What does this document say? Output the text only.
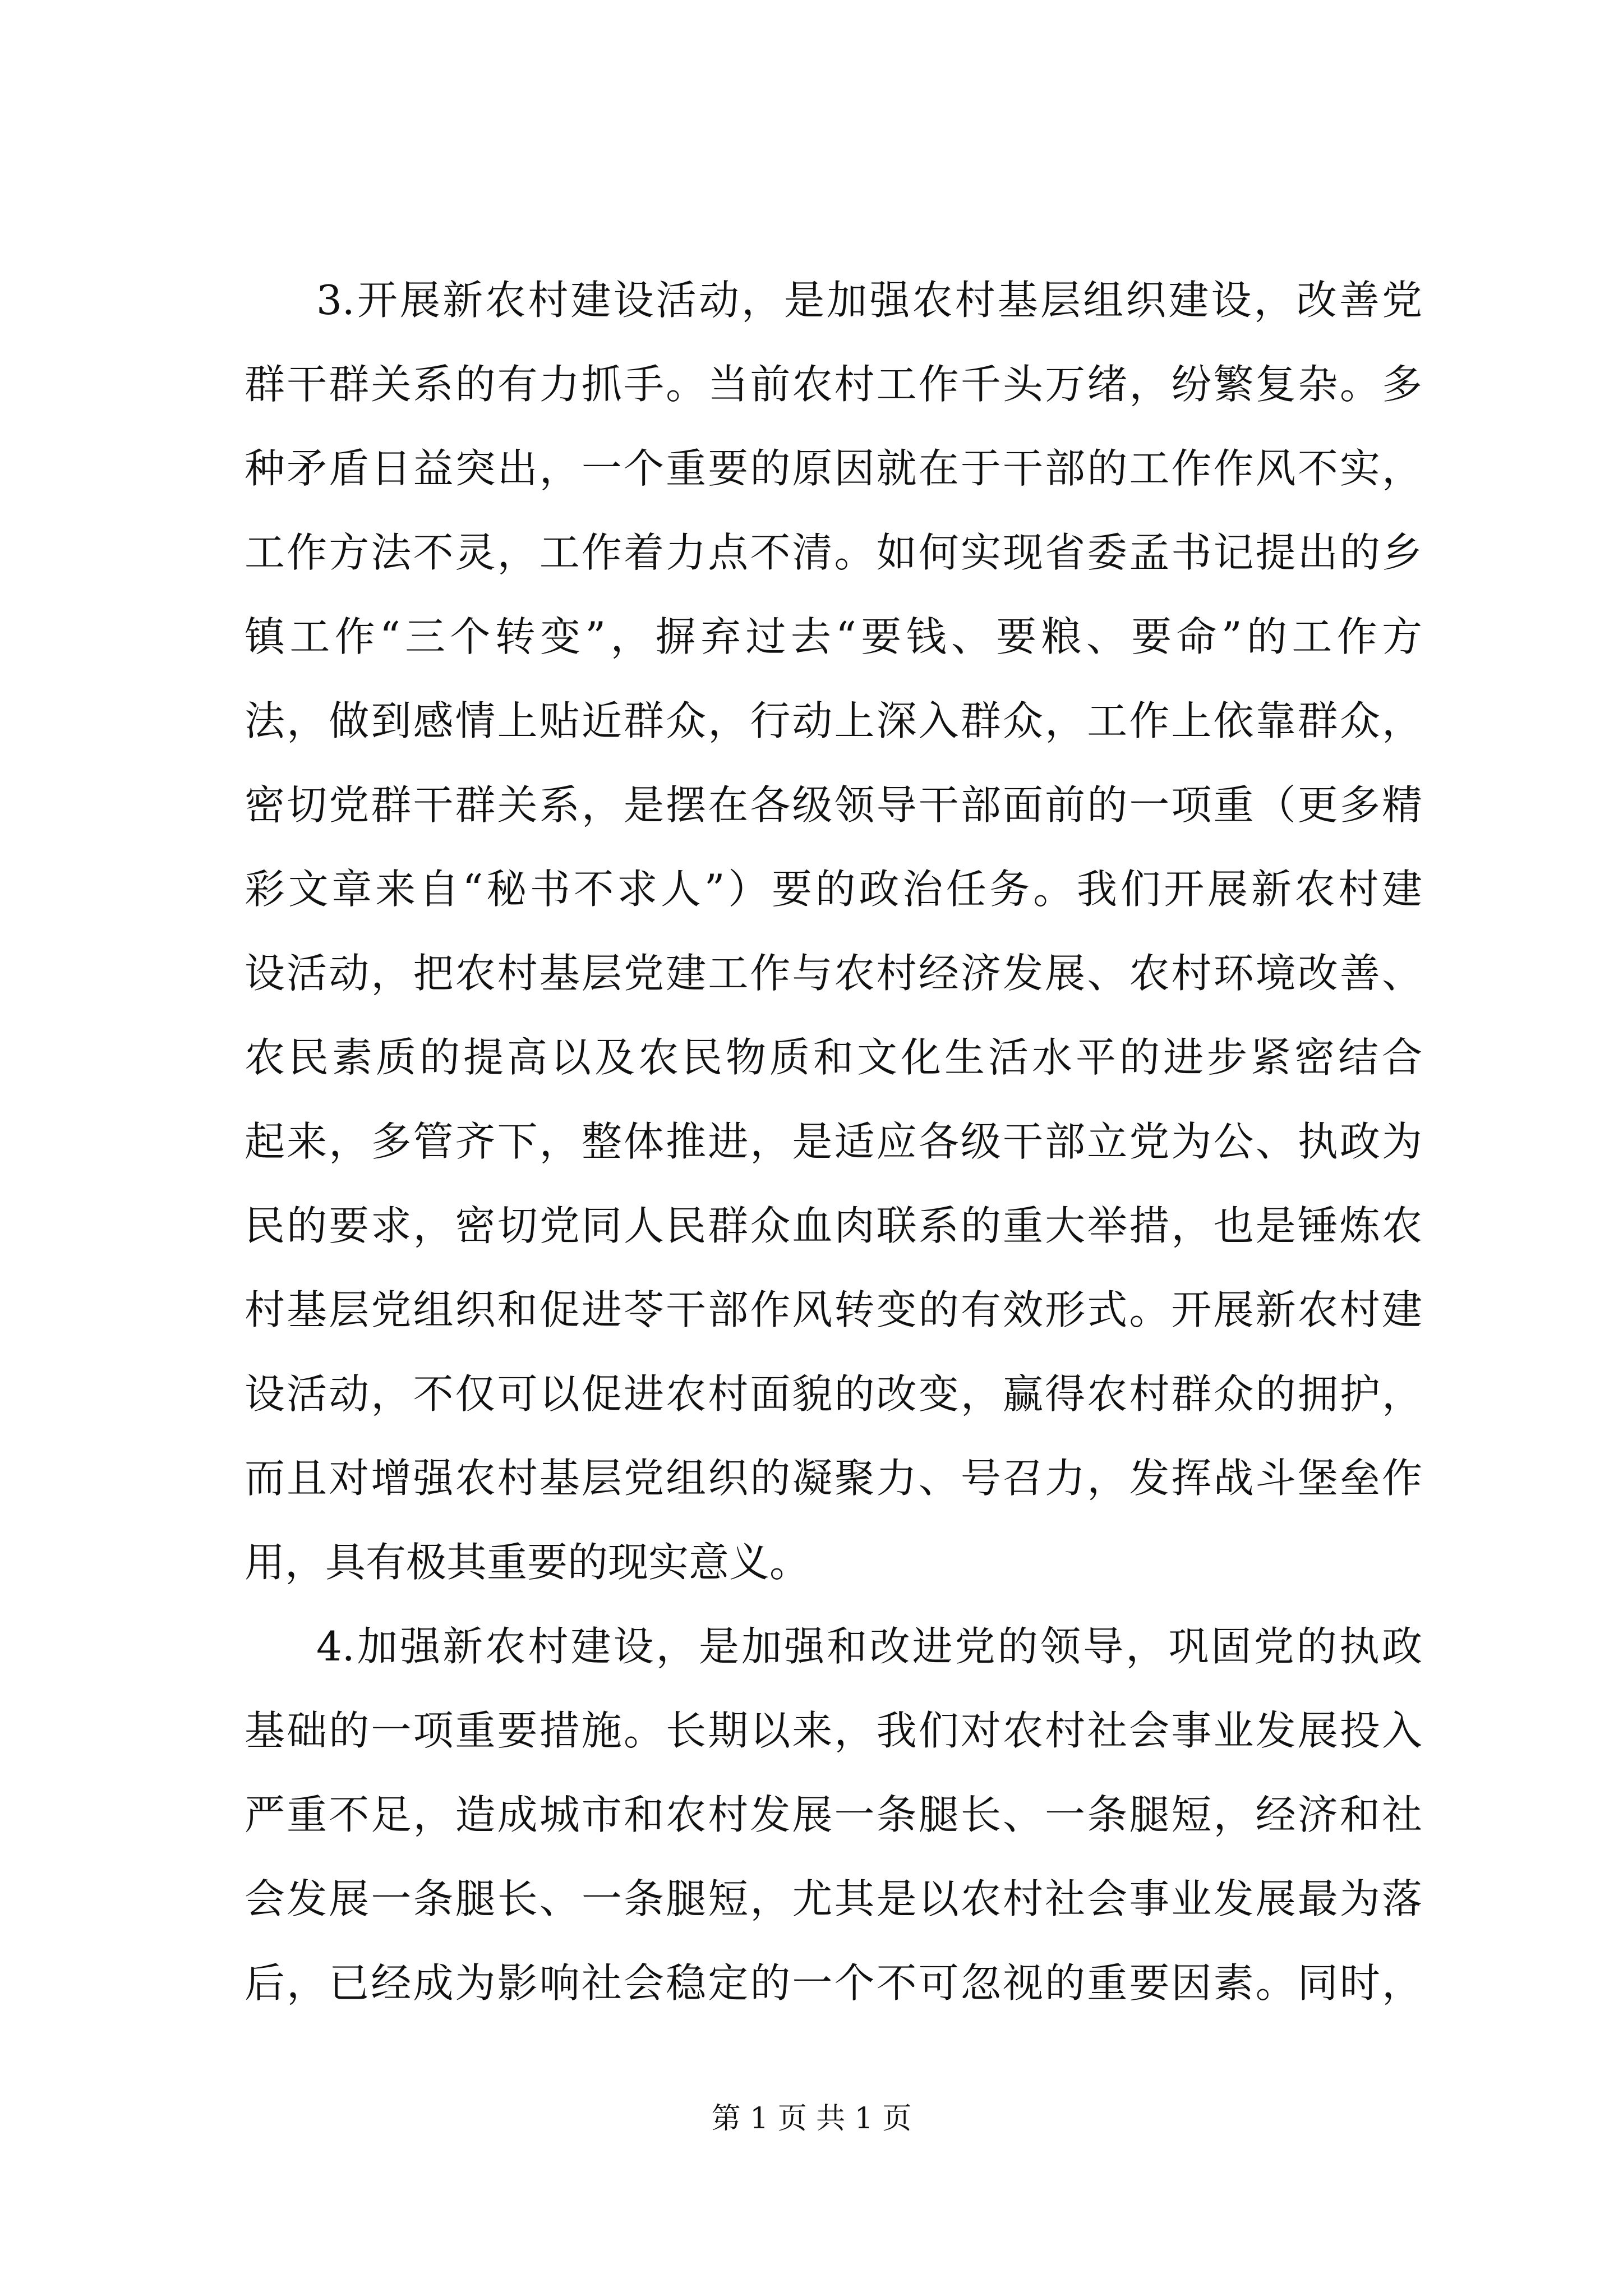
3.开展新农村建设活动，是加强农村基层组织建设，改善党
群干群关系的有力抓手。当前农村工作千头万绪，纷繁复杂。多
种矛盾日益突出，一个重要的原因就在于干部的工作作风不实，
工作方法不灵，工作着力点不清。如何实现省委孟书记提出的乡
镇工作“三个转变”，摒弃过去“要钱、要粮、要命”的工作方
法，做到感情上贴近群众，行动上深入群众，工作上依靠群众，
密切党群干群关系，是摆在各级领导干部面前的一项重（更多精
彩文章来自“秘书不求人”）要的政治任务。我们开展新农村建
设活动，把农村基层党建工作与农村经济发展、农村环境改善、
农民素质的提高以及农民物质和文化生活水平的进步紧密结合
起来，多管齐下，整体推进，是适应各级干部立党为公、执政为
民的要求，密切党同人民群众血肉联系的重大举措，也是锤炼农
村基层党组织和促进苓干部作风转变的有效形式。开展新农村建
设活动，不仅可以促进农村面貌的改变，赢得农村群众的拥护，
而且对增强农村基层党组织的凝聚力、号召力，发挥战斗堡垒作
用，具有极其重要的现实意义。
4.加强新农村建设，是加强和改进党的领导，巩固党的执政
基础的一项重要措施。长期以来，我们对农村社会事业发展投入
严重不足，造成城市和农村发展一条腿长、一条腿短，经济和社
会发展一条腿长、一条腿短，尤其是以农村社会事业发展最为落
后，已经成为影响社会稳定的一个不可忽视的重要因素。同时，
第 1 页 共 1 页
